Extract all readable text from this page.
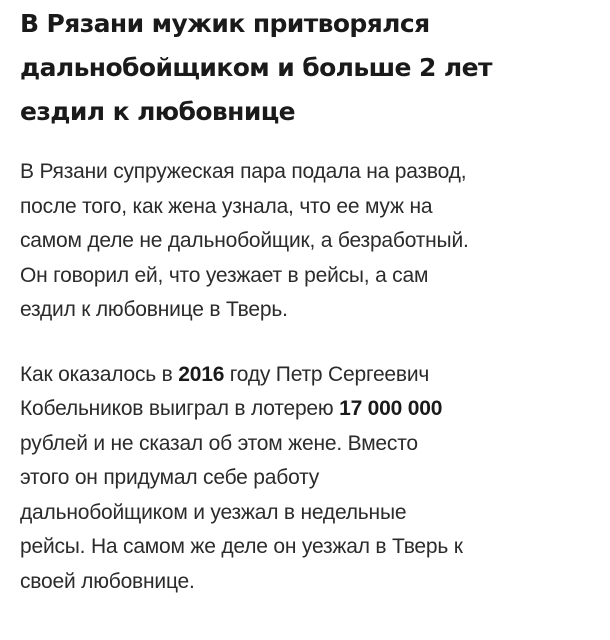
В Рязани мужик притворялся
дальнобойщиком и больше 2 лет
ездил к любовнице

В Рязани супружеская пара подала на развод,
после того, как жена узнала, что ее муж на
самом деле не дальнобойщик, а безработный.
Он говорил ей, что уезжает в рейсы, а сам
ездил к любовнице в Тверь.

Как оказалось в 2016 году Петр Сергеевич
Кобельников выиграл в лотерею 17 000 000
рублей и не сказал об этом жене. Вместо
этого он придумал себе работу
дальнобойщиком и уезжал в недельные
рейсы. На самом же деле он уезжал в Тверь к
своей любовнице.
